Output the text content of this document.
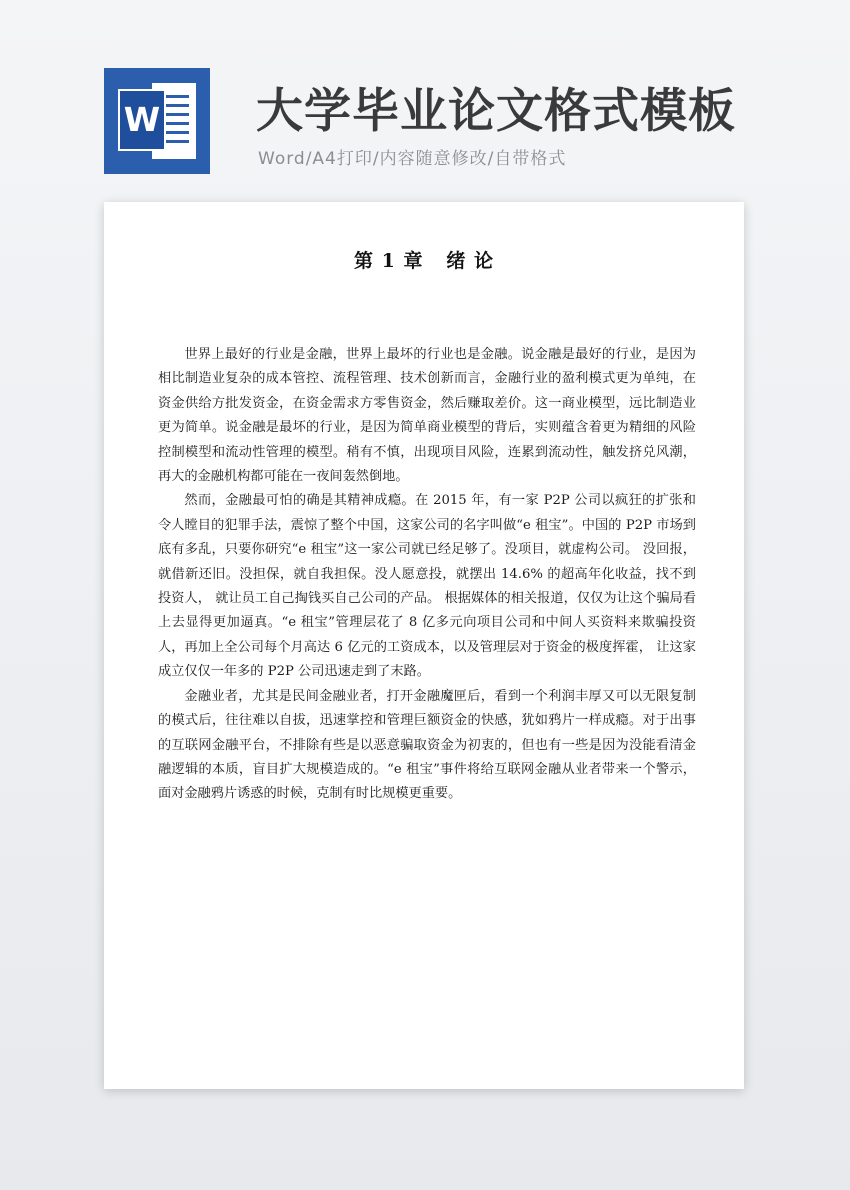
W 大学毕业论文格式模板
Word/A4打印/内容随意修改/自带格式
第 1 章   绪 论

世界上最好的行业是金融，世界上最坏的行业也是金融。说金融是最好的行业，是因为相比制造业复杂的成本管控、流程管理、技术创新而言，金融行业的盈利模式更为单纯，在资金供给方批发资金，在资金需求方零售资金，然后赚取差价。这一商业模型，远比制造业更为简单。说金融是最坏的行业，是因为简单商业模型的背后，实则蕴含着更为精细的风险控制模型和流动性管理的模型。稍有不慎，出现项目风险，连累到流动性，触发挤兑风潮，再大的金融机构都可能在一夜间轰然倒地。

然而，金融最可怕的确是其精神成瘾。在 2015 年，有一家 P2P 公司以疯狂的扩张和令人瞠目的犯罪手法，震惊了整个中国，这家公司的名字叫做“e 租宝”。中国的 P2P 市场到底有多乱，只要你研究“e 租宝”这一家公司就已经足够了。没项目，就虚构公司。 没回报，就借新还旧。没担保，就自我担保。没人愿意投，就摆出 14.6% 的超高年化收益，找不到投资人， 就让员工自己掏钱买自己公司的产品。 根据媒体的相关报道，仅仅为让这个骗局看上去显得更加逼真。“e 租宝”管理层花了 8 亿多元向项目公司和中间人买资料来欺骗投资人，再加上全公司每个月高达 6 亿元的工资成本，以及管理层对于资金的极度挥霍， 让这家成立仅仅一年多的 P2P 公司迅速走到了末路。

金融业者，尤其是民间金融业者，打开金融魔匣后，看到一个利润丰厚又可以无限复制的模式后，往往难以自拔，迅速掌控和管理巨额资金的快感，犹如鸦片一样成瘾。对于出事的互联网金融平台，不排除有些是以恶意骗取资金为初衷的，但也有一些是因为没能看清金融逻辑的本质，盲目扩大规模造成的。“e 租宝”事件将给互联网金融从业者带来一个警示，面对金融鸦片诱惑的时候，克制有时比规模更重要。
